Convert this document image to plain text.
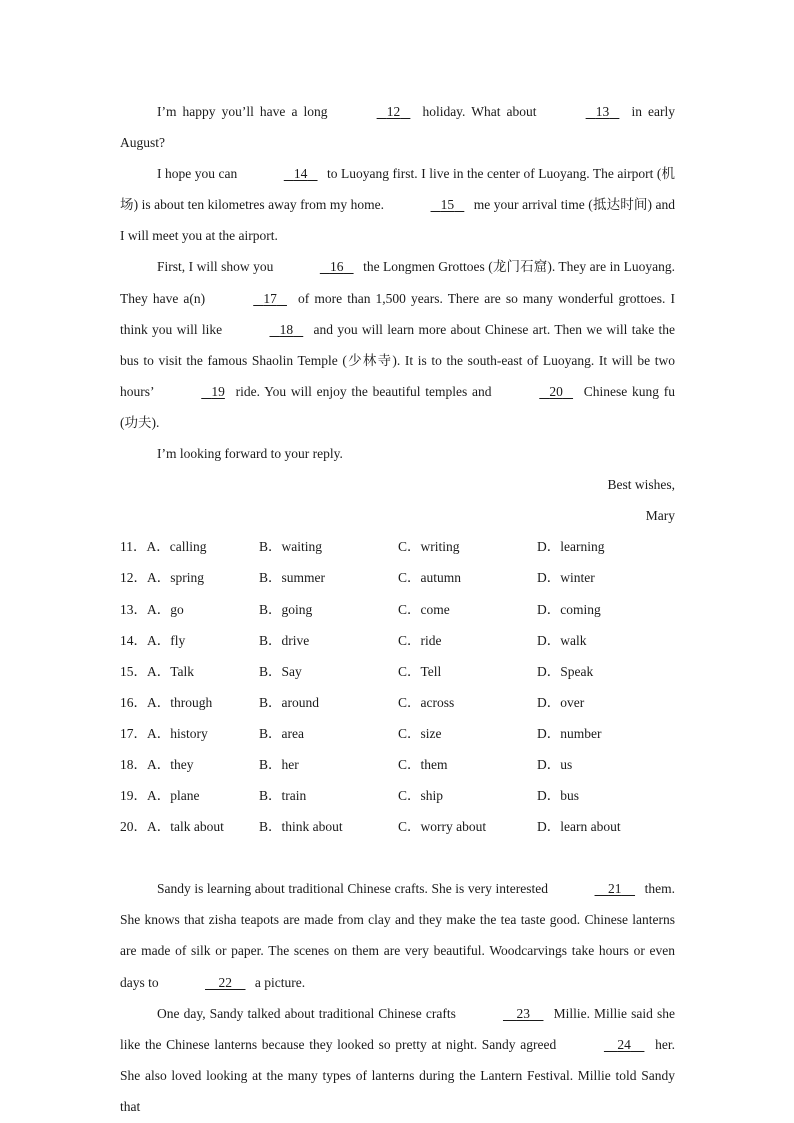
I’m happy you’ll have a long	12    holiday. What about	13    in early August?

I hope you can	14    to Luoyang first. I live in the center of Luoyang. The airport (机场) is about ten kilometres away from my home.	15    me your arrival time (抵达时间) and I will meet you at the airport.

First, I will show you	16    the Longmen Grottoes (龙门石窟). They are in Luoyang. They have a(n)	17    of more than 1,500 years. There are so many wonderful grottoes. I think you will like	18    and you will learn more about Chinese art. Then we will take the bus to visit the famous Shaolin Temple (少林寺). It is to the south-east of Luoyang. It will be two hours’	19 ride. You will enjoy the beautiful temples and	20    Chinese kung fu (功夫).

I’m looking forward to your reply.

Best wishes,

Mary

11．A．calling	B．waiting	C．writing	D．learning
12．A．spring	B．summer	C．autumn	D．winter
13．A．go	B．going	C．come	D．coming
14．A．fly	B．drive	C．ride	D．walk
15．A．Talk	B．Say	C．Tell	D．Speak
16．A．through	B．around	C．across	D．over
17．A．history	B．area	C．size	D．number
18．A．they	B．her	C．them	D．us
19．A．plane	B．train	C．ship	D．bus
20．A．talk about	B．think about	C．worry about	D．learn about

Sandy is learning about traditional Chinese crafts. She is very interested	21     them. She knows that zisha teapots are made from clay and they make the tea taste good. Chinese lanterns are made of silk or paper. The scenes on them are very beautiful. Woodcarvings take hours or even days to	22     a picture.

One day, Sandy talked about traditional Chinese crafts	23     Millie. Millie said she like the Chinese lanterns because they looked so pretty at night. Sandy agreed	24     her. She also loved looking at the many types of lanterns during the Lantern Festival. Millie told Sandy that
